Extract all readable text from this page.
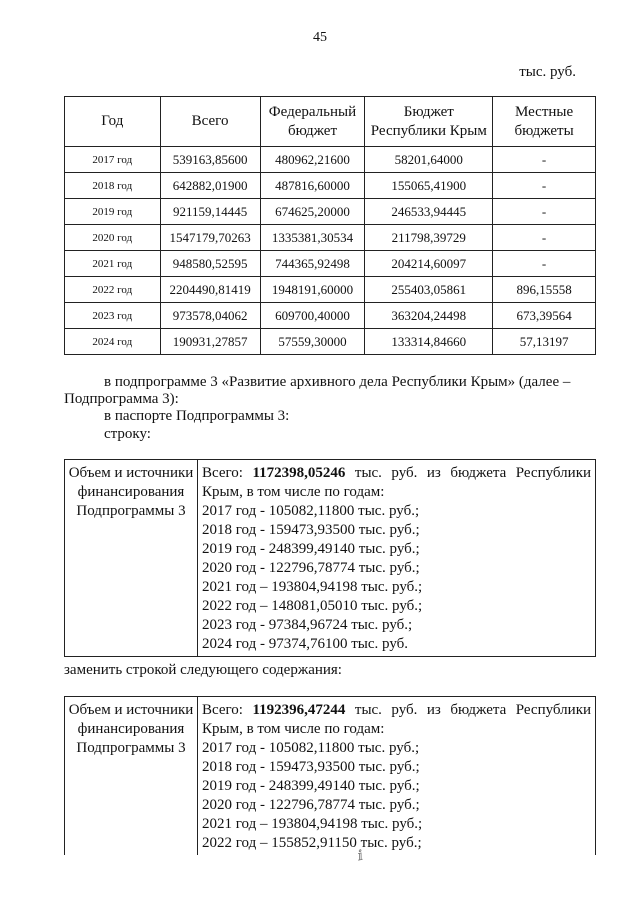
45
тыс. руб.
Год	Всего	Федеральный бюджет	Бюджет Республики Крым	Местные бюджеты
2017 год	539163,85600	480962,21600	58201,64000	-
2018 год	642882,01900	487816,60000	155065,41900	-
2019 год	921159,14445	674625,20000	246533,94445	-
2020 год	1547179,70263	1335381,30534	211798,39729	-
2021 год	948580,52595	744365,92498	204214,60097	-
2022 год	2204490,81419	1948191,60000	255403,05861	896,15558
2023 год	973578,04062	609700,40000	363204,24498	673,39564
2024 год	190931,27857	57559,30000	133314,84660	57,13197
в подпрограмме 3 «Развитие архивного дела Республики Крым» (далее – Подпрограмма 3):
в паспорте Подпрограммы 3:
строку:
Объем и источники финансирования Подпрограммы 3	
Всего: 1172398,05246 тыс. руб. из бюджета Республики
Крым, в том числе по годам:
2017 год - 105082,11800 тыс. руб.;
2018 год - 159473,93500 тыс. руб.;
2019 год - 248399,49140 тыс. руб.;
2020 год - 122796,78774 тыс. руб.;
2021 год – 193804,94198 тыс. руб.;
2022 год – 148081,05010 тыс. руб.;
2023 год - 97384,96724 тыс. руб.;
2024 год - 97374,76100 тыс. руб.
заменить строкой следующего содержания:
Объем и источники финансирования Подпрограммы 3	
Всего: 1192396,47244 тыс. руб. из бюджета Республики
Крым, в том числе по годам:
2017 год - 105082,11800 тыс. руб.;
2018 год - 159473,93500 тыс. руб.;
2019 год - 248399,49140 тыс. руб.;
2020 год - 122796,78774 тыс. руб.;
2021 год – 193804,94198 тыс. руб.;
2022 год – 155852,91150 тыс. руб.;
ⅈ
